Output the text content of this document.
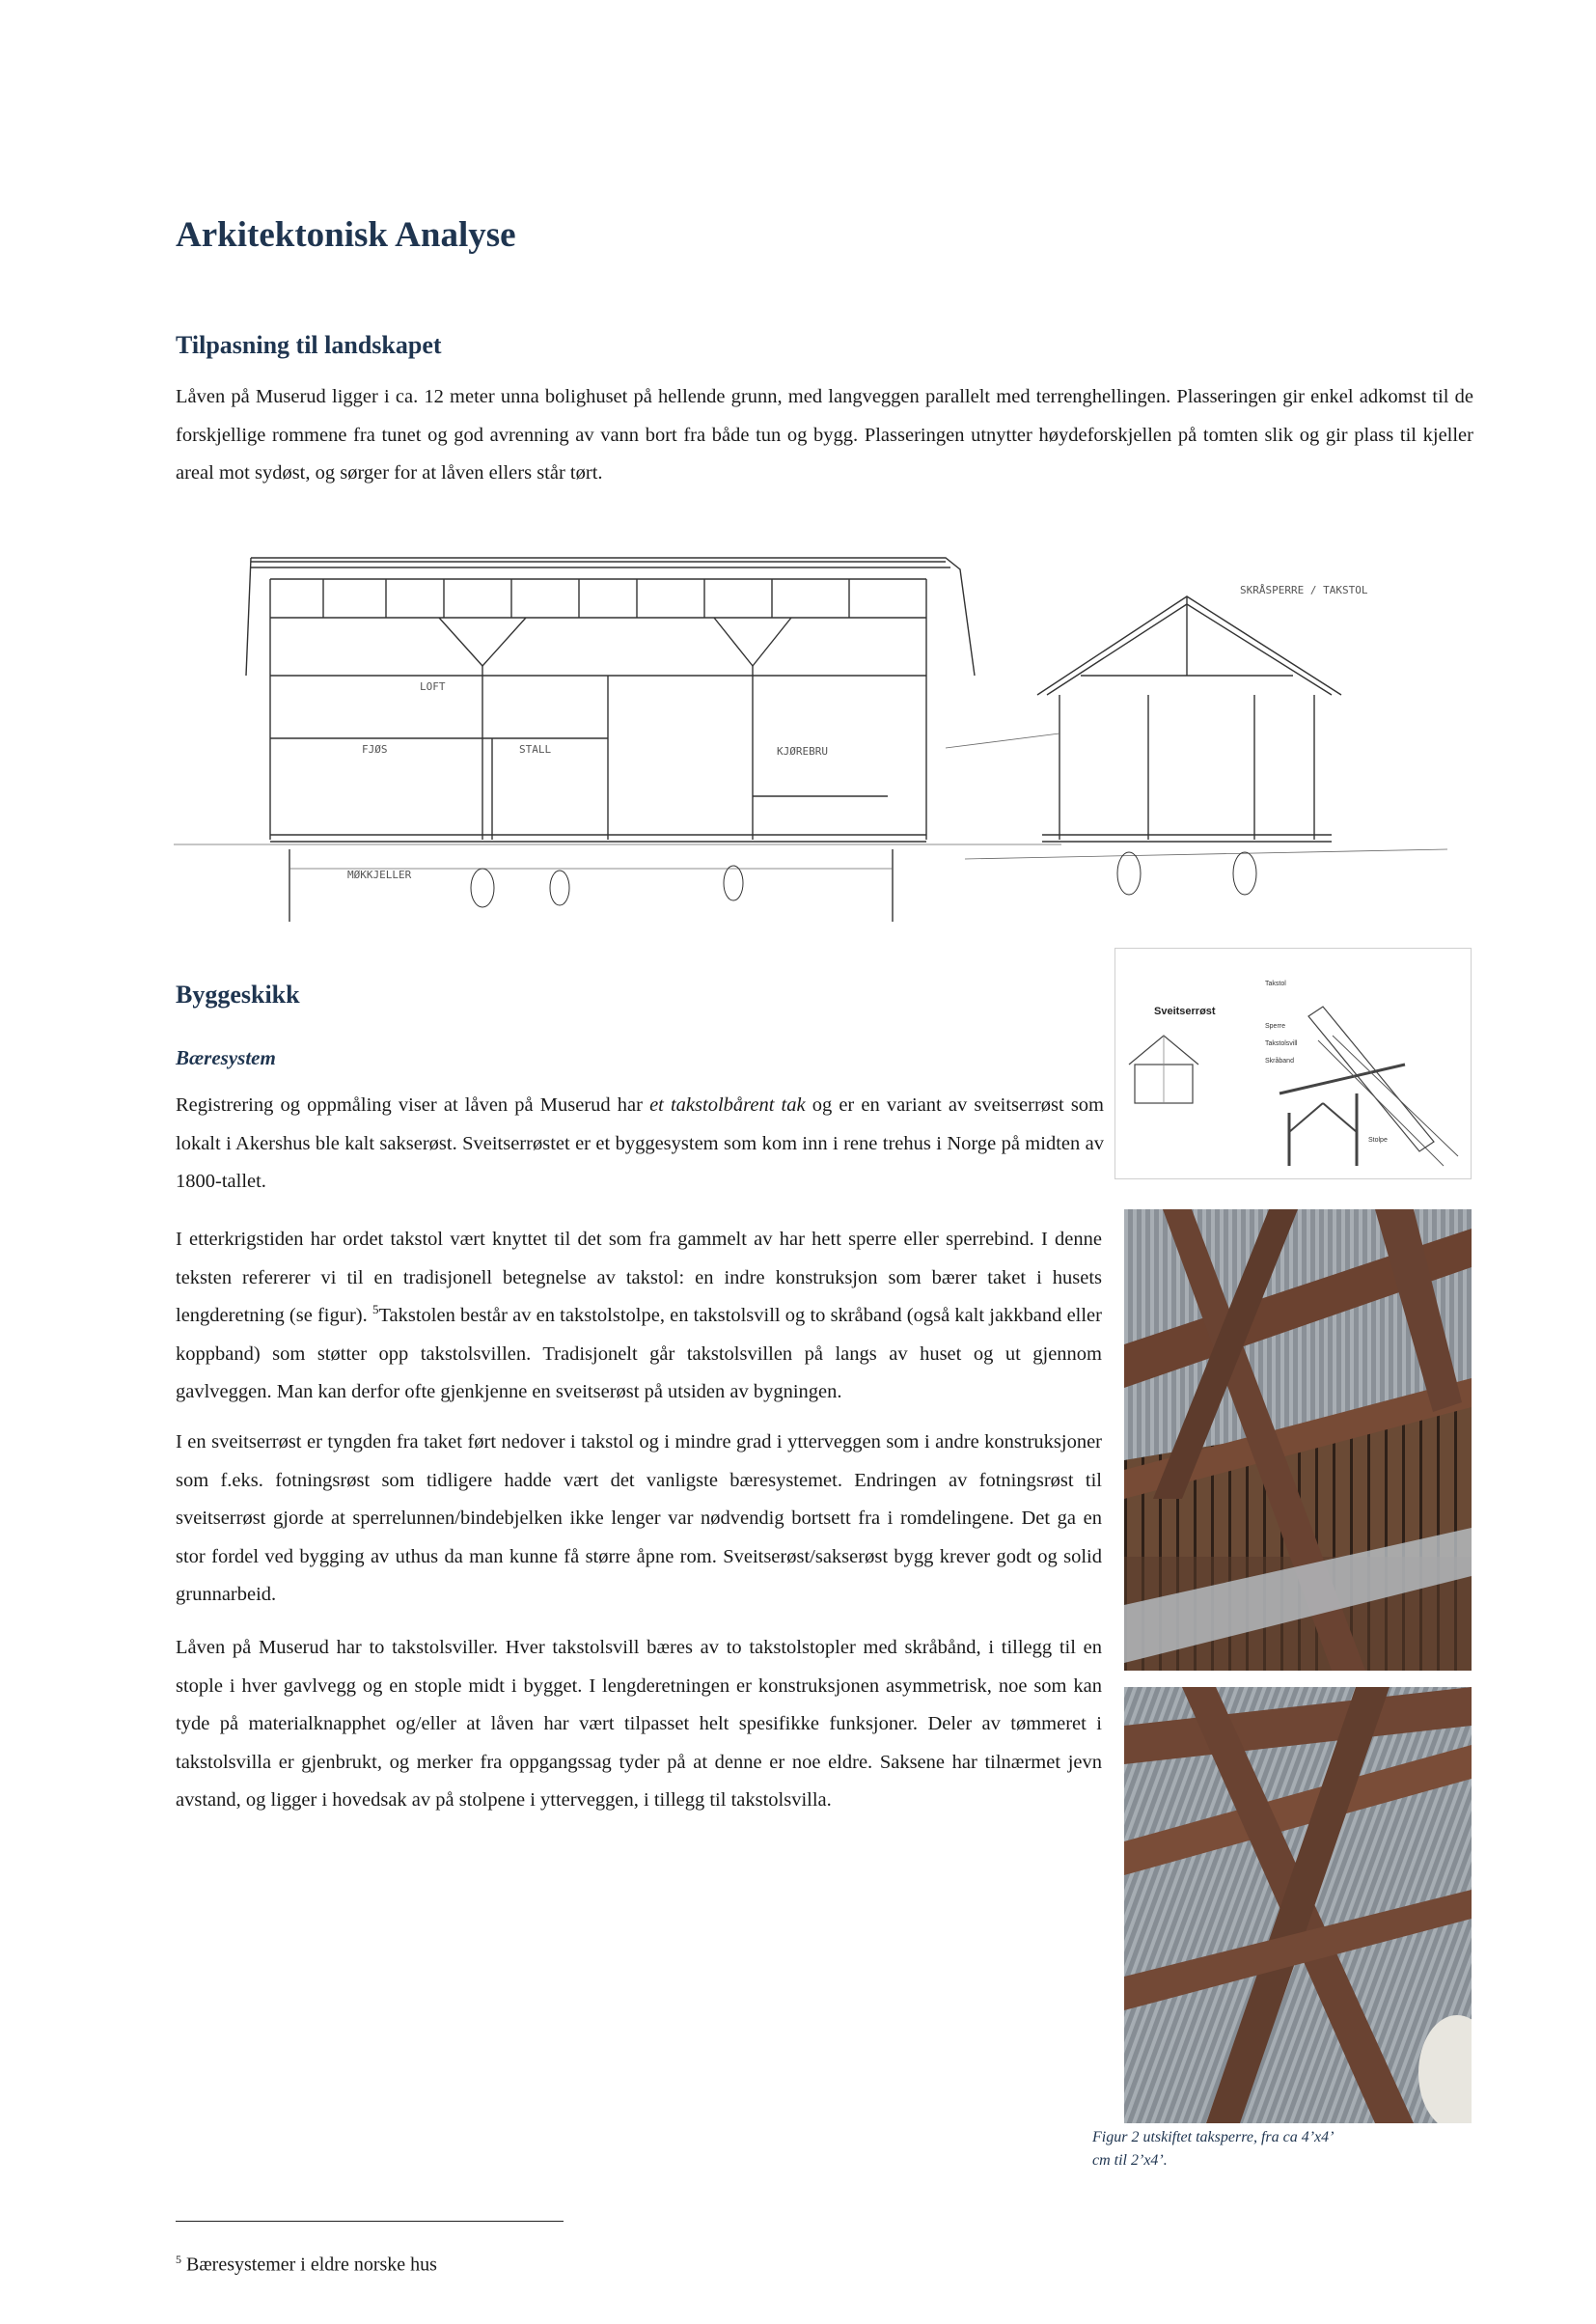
Arkitektonisk Analyse
Tilpasning til landskapet

Låven på Muserud ligger i ca. 12 meter unna bolighuset på hellende grunn, med langveggen parallelt med terrenghellingen. Plasseringen gir enkel adkomst til de forskjellige rommene fra tunet og god avrenning av vann bort fra både tun og bygg. Plasseringen utnytter høydeforskjellen på tomten slik og gir plass til kjeller areal mot sydøst, og sørger for at låven ellers står tørt.

LOFT
FJØS	STALL	KJØREBRU
MØKKJELLER
SKRÅSPERRE / TAKSTOL
Byggeskikk
Bæresystem

Registrering og oppmåling viser at låven på Muserud har et takstolbårent tak og er en variant av sveitserrøst som lokalt i Akershus ble kalt sakserøst. Sveitserrøstet er et byggesystem som kom inn i rene trehus i Norge på midten av 1800-tallet.

I etterkrigstiden har ordet takstol vært knyttet til det som fra gammelt av har hett sperre eller sperrebind. I denne teksten refererer vi til en tradisjonell betegnelse av takstol: en indre konstruksjon som bærer taket i husets lengderetning (se figur). $^5$Takstolen består av en takstolstolpe, en takstolsvill og to skråband (også kalt jakkband eller koppband) som støtter opp takstolsvillen. Tradisjonelt går takstolsvillen på langs av huset og ut gjennom gavlveggen. Man kan derfor ofte gjenkjenne en sveitserøst på utsiden av bygningen.

I en sveitserrøst er tyngden fra taket ført nedover i takstol og i mindre grad i ytterveggen som i andre konstruksjoner som f.eks. fotningsrøst som tidligere hadde vært det vanligste bæresystemet. Endringen av fotningsrøst til sveitserrøst gjorde at sperrelunnen/bindebjelken ikke lenger var nødvendig bortsett fra i romdelingene. Det ga en stor fordel ved bygging av uthus da man kunne få større åpne rom. Sveitserøst/sakserøst bygg krever godt og solid grunnarbeid.

Låven på Muserud har to takstolsviller. Hver takstolsvill bæres av to takstolstopler med skråbånd, i tillegg til en stople i hver gavlvegg og en stople midt i bygget. I lengderetningen er konstruksjonen asymmetrisk, noe som kan tyde på materialknapphet og/eller at låven har vært tilpasset helt spesifikke funksjoner. Deler av tømmeret i takstolsvilla er gjenbrukt, og merker fra oppgangssag tyder på at denne er noe eldre. Saksene har tilnærmet jevn avstand, og ligger i hovedsak av på stolpene i ytterveggen, i tillegg til takstolsvilla.

Sveitserrøst
Takstol
Sperre
Takstolsvill
Skråband
Stolpe
Figur 2 utskiftet taksperre, fra ca 4’x4’
cm til 2’x4’.
$^5$ Bæresystemer i eldre norske hus
